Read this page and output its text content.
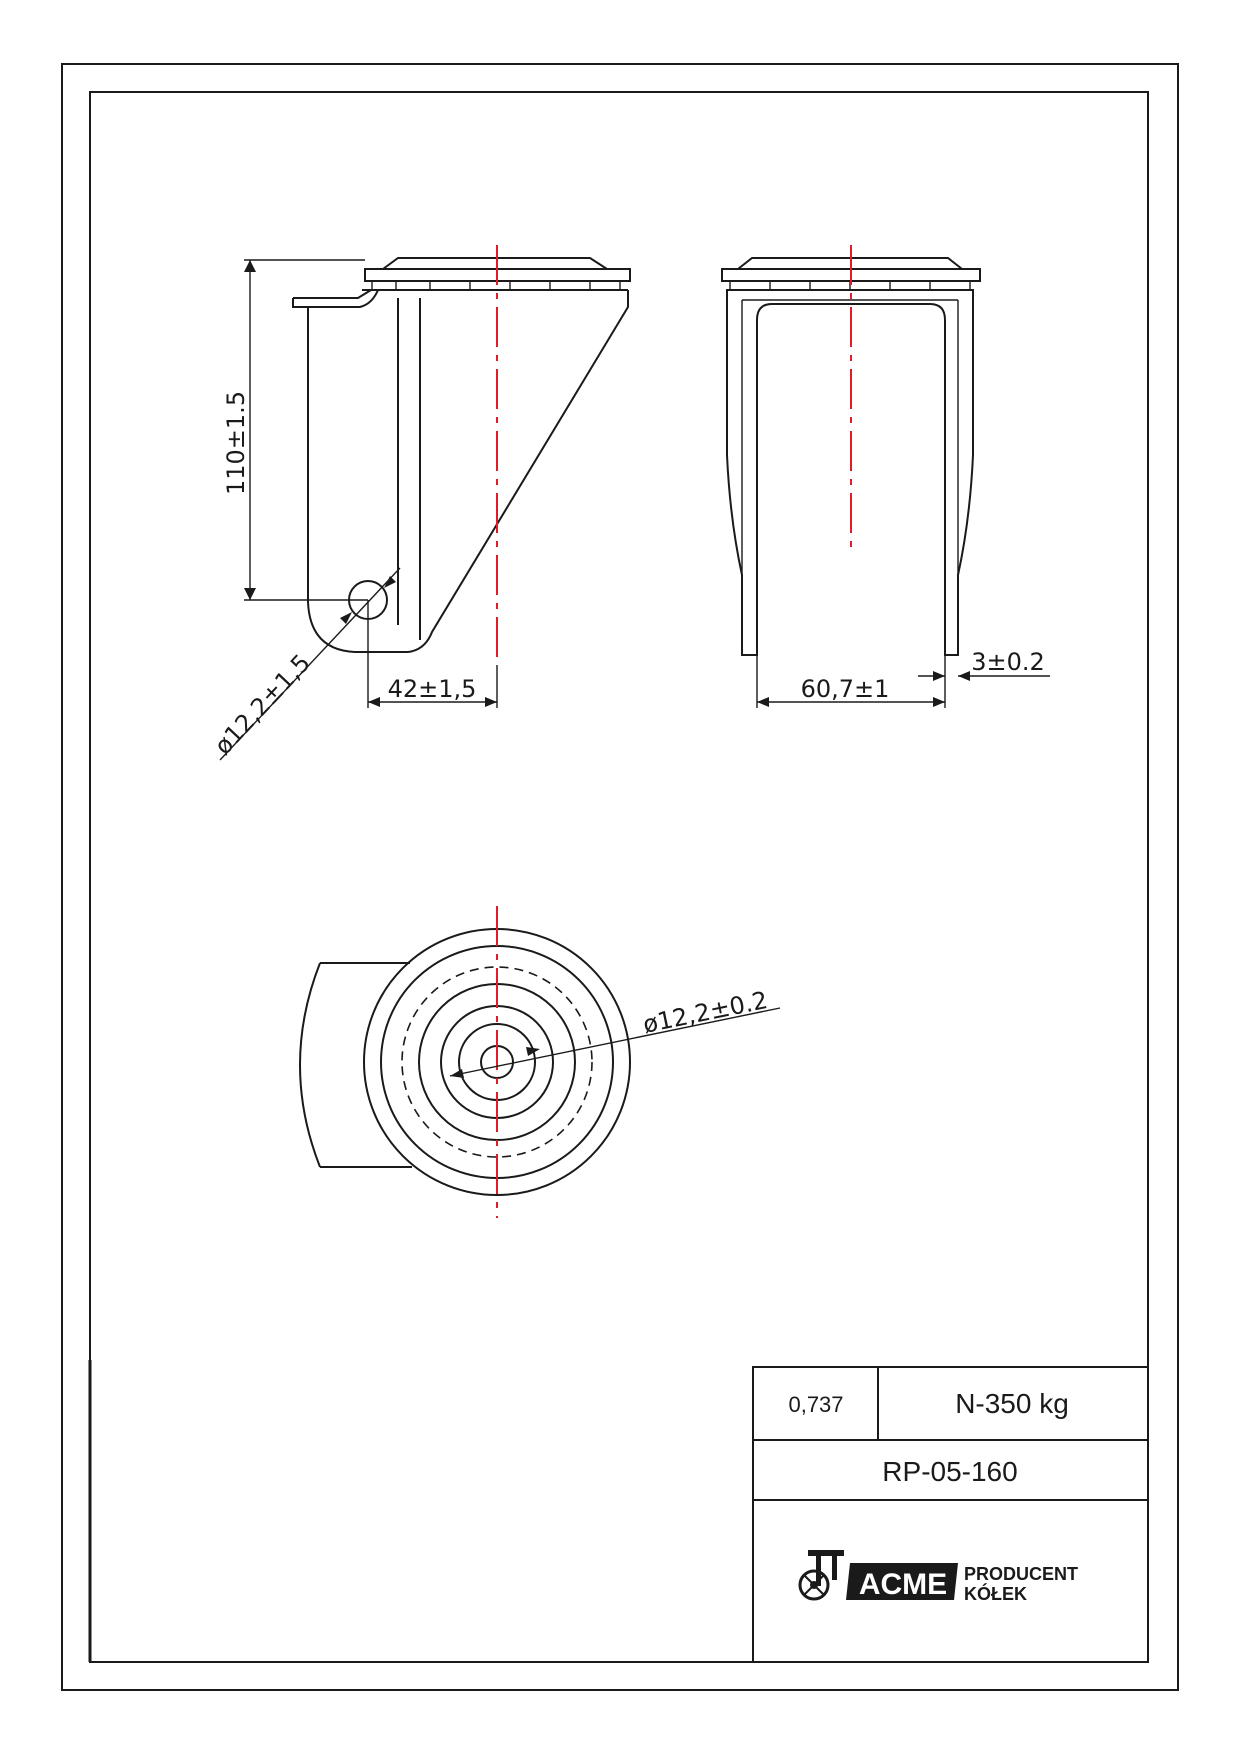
110±1.5
42±1,5
ø12,2±1,5	60,7±1
3±0.2
ø12,2±0.2
0,737	N-350 kg
RP-05-160
ACME PRODUCENT
KÓŁEK
